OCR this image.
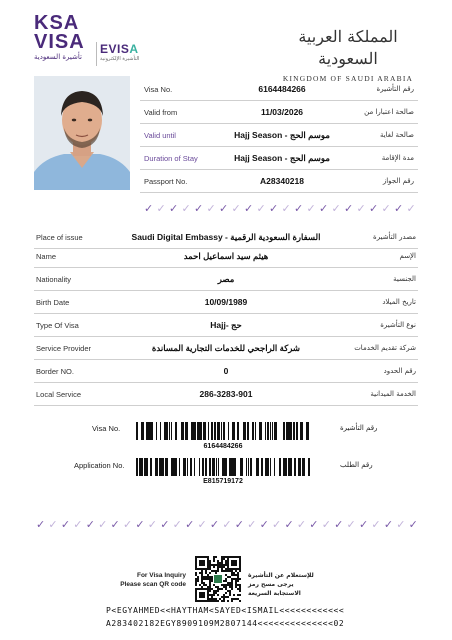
KSA
VISA
تأشيرة السعودية
EVISA
التأشيرة الإلكترونية
المملكة العربية السعودية
KINGDOM OF SAUDI ARABIA
Visa No.	6164484266	رقم التأشيرة
Valid from	11/03/2026	صالحة اعتبارا من
Valid until	Hajj Season - موسم الحج	صالحة لغاية
Duration of Stay	Hajj Season - موسم الحج	مدة الإقامة
Passport No.	A28340218	رقم الجواز
✓ ✓ ✓ ✓ ✓ ✓ ✓ ✓ ✓ ✓ ✓ ✓ ✓ ✓ ✓ ✓ ✓ ✓ ✓ ✓ ✓ ✓
Place of issue	Saudi Digital Embassy - السفارة السعودية الرقمية	مصدر التأشيرة
Name	هيثم سيد اسماعيل احمد	الإسم
Nationality	مصر	الجنسية
Birth Date	10/09/1989	تاريخ الميلاد
Type Of Visa	Hajj- حج	نوع التأشيرة
Service Provider	شركة الراجحي للخدمات التجارية المساندة	شركة تقديم الخدمات
Border NO.	0	رقم الحدود
Local Service	286-3283-901	الخدمة الميدانية
Visa No.	رقم التأشيرة
6164484266
Application No.	رقم الطلب
E815719172
✓ ✓ ✓ ✓ ✓ ✓ ✓ ✓ ✓ ✓ ✓ ✓ ✓ ✓ ✓ ✓ ✓ ✓ ✓ ✓ ✓ ✓ ✓ ✓ ✓ ✓ ✓ ✓ ✓ ✓ ✓
For Visa Inquiry
Please scan QR code
للإستعلام عن التأشيرة
يرجى مسح رمز الاستجابة السريعة
P<EGYAHMED<<HAYTHAM<SAYED<ISMAIL<<<<<<<<<<<<
A283402182EGY8909109M2807144<<<<<<<<<<<<<<02
